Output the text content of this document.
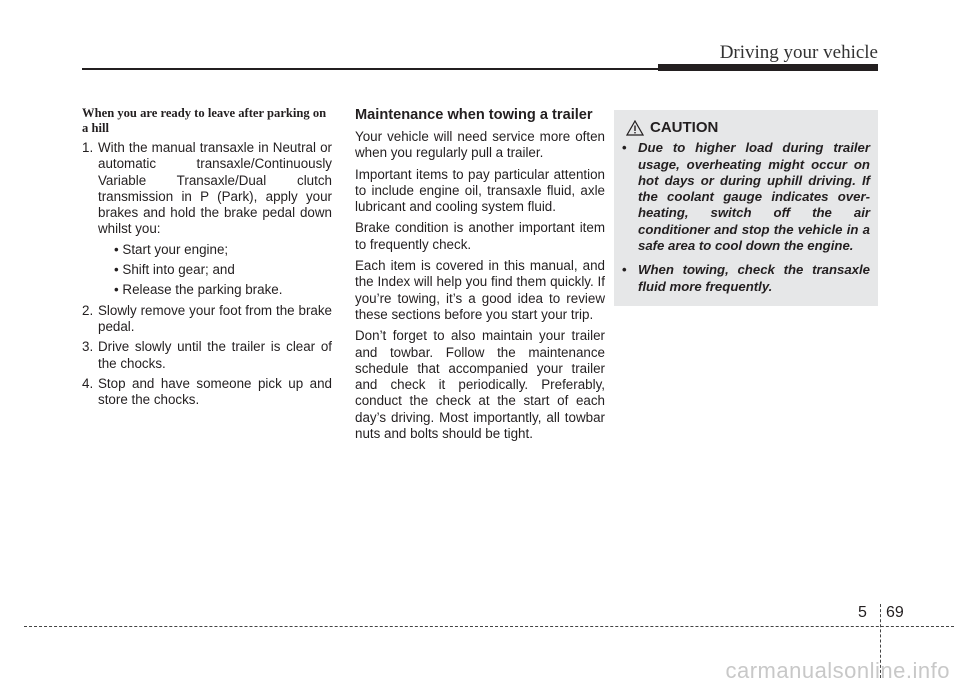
Driving your vehicle
When you are ready to leave after parking on a hill
1. With the manual transaxle in Neutral or automatic transaxle/Continuously Variable Transaxle/Dual clutch transmission in P (Park), apply your brakes and hold the brake pedal down whilst you:
• Start your engine;
• Shift into gear; and
• Release the parking brake.
2. Slowly remove your foot from the brake pedal.
3. Drive slowly until the trailer is clear of the chocks.
4. Stop and have someone pick up and store the chocks.
Maintenance when towing a trailer

Your vehicle will need service more often when you regularly pull a trailer.

Important items to pay particular attention to include engine oil, transaxle fluid, axle lubricant and cooling system fluid.

Brake condition is another important item to frequently check.

Each item is covered in this manual, and the Index will help you find them quickly. If you’re towing, it’s a good idea to review these sections before you start your trip.

Don’t forget to also maintain your trailer and towbar. Follow the maintenance schedule that accompanied your trailer and check it periodically. Preferably, conduct the check at the start of each day’s driving. Most importantly, all towbar nuts and bolts should be tight.

CAUTION
• Due to higher load during trailer usage, overheating might occur on hot days or during uphill driving. If the coolant gauge indicates over-heating, switch off the air conditioner and stop the vehicle in a safe area to cool down the engine.
• When towing, check the transaxle fluid more frequently.
5 69
carmanualsonline.info
